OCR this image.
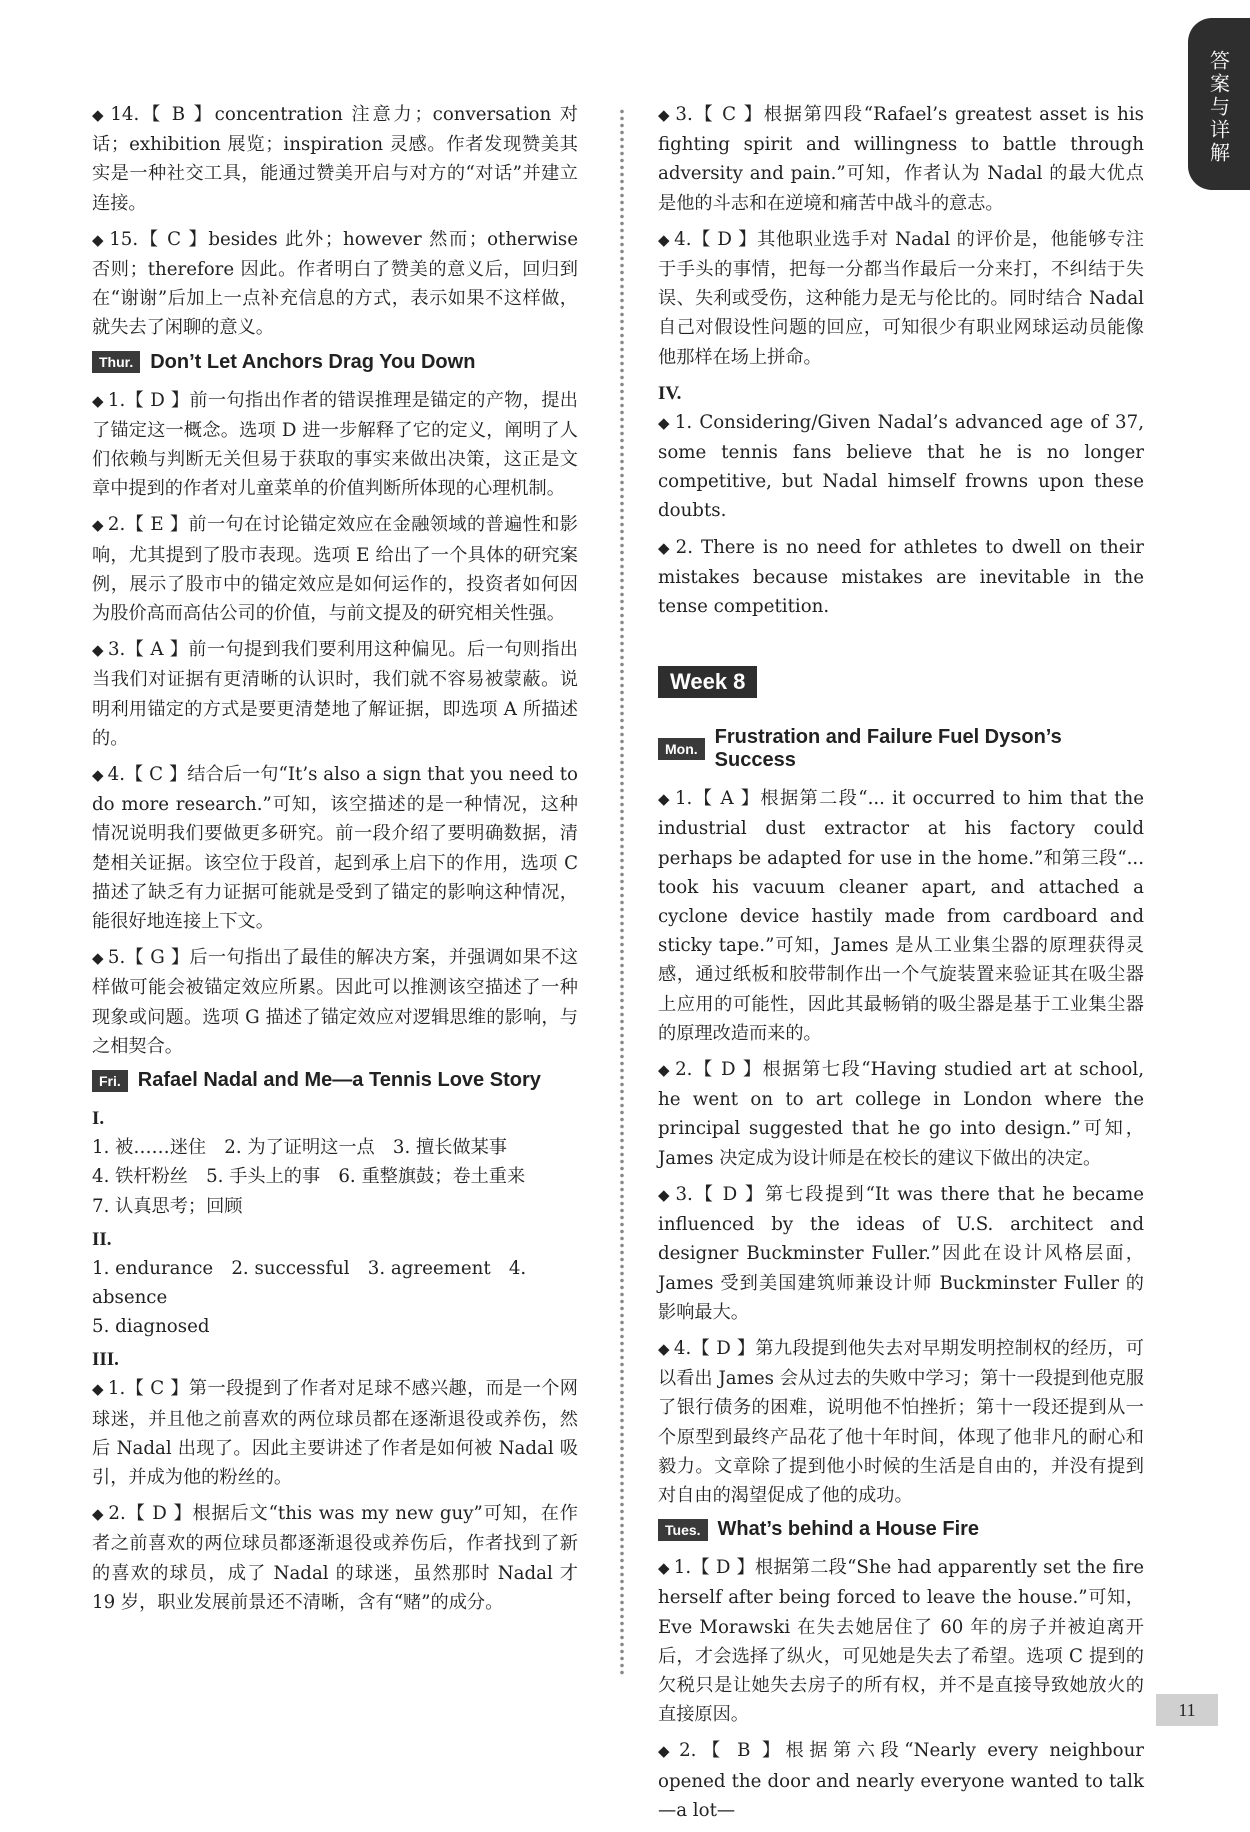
答案与详解

◆ 14.【 B 】concentration 注意力；conversation 对话；exhibition 展览；inspiration 灵感。作者发现赞美其实是一种社交工具，能通过赞美开启与对方的“对话”并建立连接。

◆ 15.【 C 】besides 此外；however 然而；otherwise 否则；therefore 因此。作者明白了赞美的意义后，回归到在“谢谢”后加上一点补充信息的方式，表示如果不这样做，就失去了闲聊的意义。

Thur. Don’t Let Anchors Drag You Down

◆ 1.【 D 】前一句指出作者的错误推理是锚定的产物，提出了锚定这一概念。选项 D 进一步解释了它的定义，阐明了人们依赖与判断无关但易于获取的事实来做出决策，这正是文章中提到的作者对儿童菜单的价值判断所体现的心理机制。

◆ 2.【 E 】前一句在讨论锚定效应在金融领域的普遍性和影响，尤其提到了股市表现。选项 E 给出了一个具体的研究案例，展示了股市中的锚定效应是如何运作的，投资者如何因为股价高而高估公司的价值，与前文提及的研究相关性强。

◆ 3.【 A 】前一句提到我们要利用这种偏见。后一句则指出当我们对证据有更清晰的认识时，我们就不容易被蒙蔽。说明利用锚定的方式是要更清楚地了解证据，即选项 A 所描述的。

◆ 4.【 C 】结合后一句“It’s also a sign that you need to do more research.”可知，该空描述的是一种情况，这种情况说明我们要做更多研究。前一段介绍了要明确数据，清楚相关证据。该空位于段首，起到承上启下的作用，选项 C 描述了缺乏有力证据可能就是受到了锚定的影响这种情况，能很好地连接上下文。

◆ 5.【 G 】后一句指出了最佳的解决方案，并强调如果不这样做可能会被锚定效应所累。因此可以推测该空描述了一种现象或问题。选项 G 描述了锚定效应对逻辑思维的影响，与之相契合。

Fri. Rafael Nadal and Me—a Tennis Love Story

I.

1. 被……迷住　2. 为了证明这一点　3. 擅长做某事

4. 铁杆粉丝　5. 手头上的事　6. 重整旗鼓；卷土重来

7. 认真思考；回顾

II.

1. endurance　2. successful　3. agreement　4. absence

5. diagnosed

III.

◆ 1.【 C 】第一段提到了作者对足球不感兴趣，而是一个网球迷，并且他之前喜欢的两位球员都在逐渐退役或养伤，然后 Nadal 出现了。因此主要讲述了作者是如何被 Nadal 吸引，并成为他的粉丝的。

◆ 2.【 D 】根据后文“this was my new guy”可知，在作者之前喜欢的两位球员都逐渐退役或养伤后，作者找到了新的喜欢的球员，成了 Nadal 的球迷，虽然那时 Nadal 才 19 岁，职业发展前景还不清晰，含有“赌”的成分。

◆ 3.【 C 】根据第四段“Rafael’s greatest asset is his fighting spirit and willingness to battle through adversity and pain.”可知，作者认为 Nadal 的最大优点是他的斗志和在逆境和痛苦中战斗的意志。

◆ 4.【 D 】其他职业选手对 Nadal 的评价是，他能够专注于手头的事情，把每一分都当作最后一分来打，不纠结于失误、失利或受伤，这种能力是无与伦比的。同时结合 Nadal 自己对假设性问题的回应，可知很少有职业网球运动员能像他那样在场上拼命。

IV.

◆ 1. Considering/Given Nadal’s advanced age of 37, some tennis fans believe that he is no longer competitive, but Nadal himself frowns upon these doubts.

◆ 2. There is no need for athletes to dwell on their mistakes because mistakes are inevitable in the tense competition.

Week 8
Mon.
Frustration and Failure Fuel Dyson’s Success

◆ 1.【 A 】根据第二段“... it occurred to him that the industrial dust extractor at his factory could perhaps be adapted for use in the home.”和第三段“... took his vacuum cleaner apart, and attached a cyclone device hastily made from cardboard and sticky tape.”可知，James 是从工业集尘器的原理获得灵感，通过纸板和胶带制作出一个气旋装置来验证其在吸尘器上应用的可能性，因此其最畅销的吸尘器是基于工业集尘器的原理改造而来的。

◆ 2.【 D 】根据第七段“Having studied art at school, he went on to art college in London where the principal suggested that he go into design.”可知，James 决定成为设计师是在校长的建议下做出的决定。

◆ 3.【 D 】第七段提到“It was there that he became influenced by the ideas of U.S. architect and designer Buckminster Fuller.”因此在设计风格层面，James 受到美国建筑师兼设计师 Buckminster Fuller 的影响最大。

◆ 4.【 D 】第九段提到他失去对早期发明控制权的经历，可以看出 James 会从过去的失败中学习；第十一段提到他克服了银行债务的困难，说明他不怕挫折；第十一段还提到从一个原型到最终产品花了他十年时间，体现了他非凡的耐心和毅力。文章除了提到他小时候的生活是自由的，并没有提到对自由的渴望促成了他的成功。

Tues. What’s behind a House Fire

◆ 1.【 D 】根据第二段“She had apparently set the fire herself after being forced to leave the house.”可知，Eve Morawski 在失去她居住了 60 年的房子并被迫离开后，才会选择了纵火，可见她是失去了希望。选项 C 提到的欠税只是让她失去房子的所有权，并不是直接导致她放火的直接原因。

◆ 2.【 B 】根据第六段“Nearly every neighbour opened the door and nearly everyone wanted to talk—a lot—

11
